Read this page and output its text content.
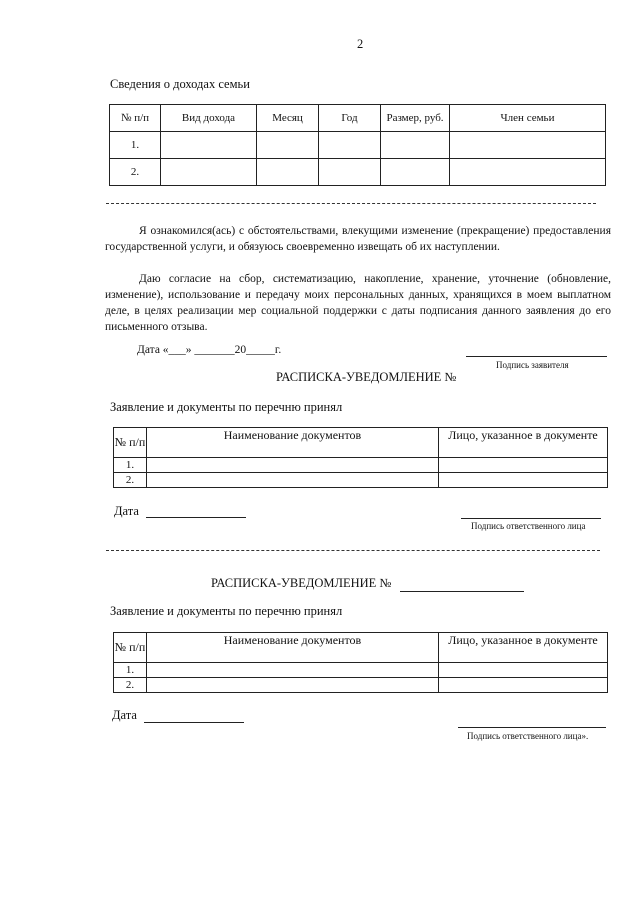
2
Сведения о доходах семьи
№ п/п	Вид дохода	Месяц	Год	Размер, руб.	Член семьи
1.					
2.					
Я ознакомился(ась) с обстоятельствами, влекущими изменение (прекращение) предоставления государственной услуги, и обязуюсь своевременно извещать об их наступлении.
Даю согласие на сбор, систематизацию, накопление, хранение, уточнение (обновление, изменение), использование и передачу моих персональных данных, хранящихся в моем выплатном деле, в целях реализации мер социальной поддержки с даты подписания данного заявления до его письменного отзыва.
Дата «___» _______20_____г.
Подпись заявителя
РАСПИСКА-УВЕДОМЛЕНИЕ №
Заявление и документы по перечню принял
№ п/п	Наименование документов	Лицо, указанное в документе
1.		
2.		
Дата
Подпись ответственного лица
РАСПИСКА-УВЕДОМЛЕНИЕ №
Заявление и документы по перечню принял
№ п/п	Наименование документов	Лицо, указанное в документе
1.		
2.		
Дата
Подпись ответственного лица».
